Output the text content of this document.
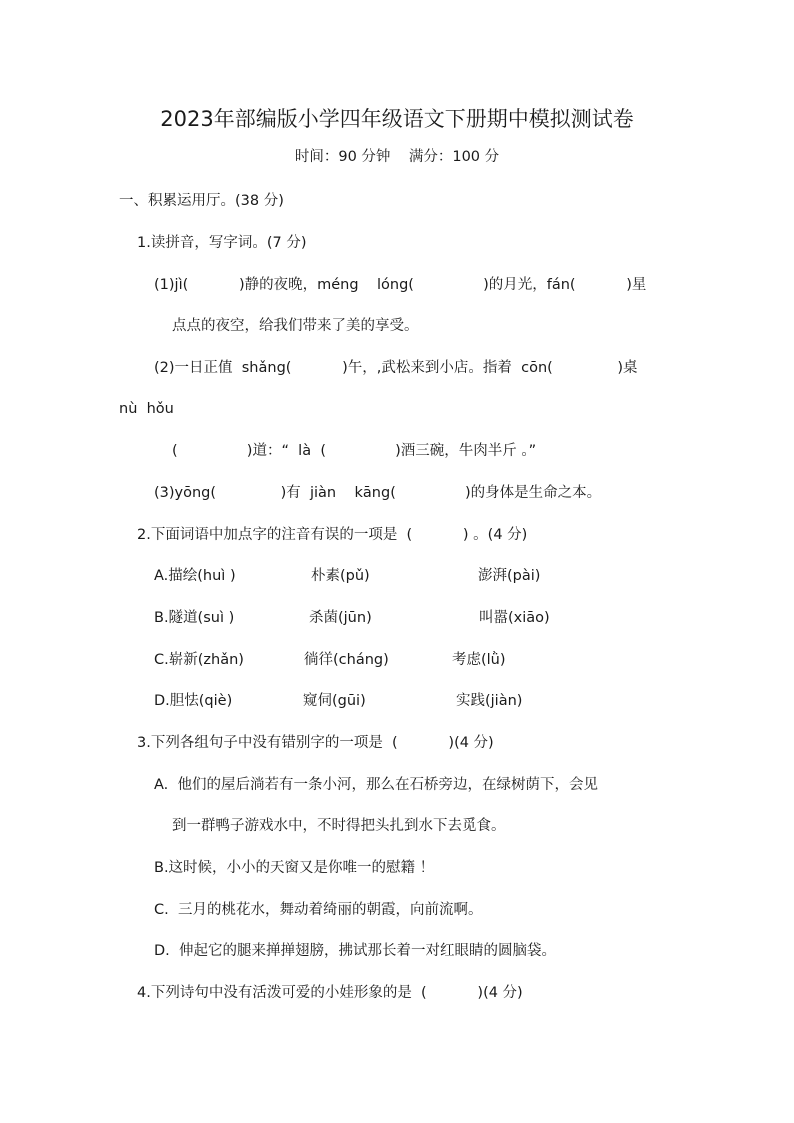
2023年部编版小学四年级语文下册期中模拟测试卷
时间：90 分钟    满分：100 分
一、积累运用厅。(38 分)
1.读拼音，写字词。(7 分)
(1)jì(           )静的夜晚，méng    lóng(               )的月光，fán(           )星
点点的夜空，给我们带来了美的享受。
(2)一日正值  shǎng(           )午，,武松来到小店。指着  cōn(              )桌
nù  hǒu
(               )道：“  là  (               )酒三碗，牛肉半斤 。”
(3)yōng(              )有  jiàn    kāng(               )的身体是生命之本。
2.下面词语中加点字的注音有误的一项是  (           ) 。(4 分)
A.描绘(huì )	朴素(pǔ)	澎湃(pài)
B.隧道(suì )	杀菌(jūn)	叫嚣(xiāo)
C.崭新(zhǎn)	徜徉(cháng)	考虑(lǜ)
D.胆怯(qiè)	窥伺(gūi)	实践(jiàn)
3.下列各组句子中没有错别字的一项是  (           )(4 分)
A.  他们的屋后淌若有一条小河，那么在石桥旁边，在绿树荫下，会见
到一群鸭子游戏水中，不时得把头扎到水下去觅食。
B.这时候，小小的天窗又是你唯一的慰籍 ！
C.  三月的桃花水，舞动着绮丽的朝霞，向前流啊。
D.  伸起它的腿来掸掸翅膀，拂试那长着一对红眼睛的圆脑袋。
4.下列诗句中没有活泼可爱的小娃形象的是  (           )(4 分)
